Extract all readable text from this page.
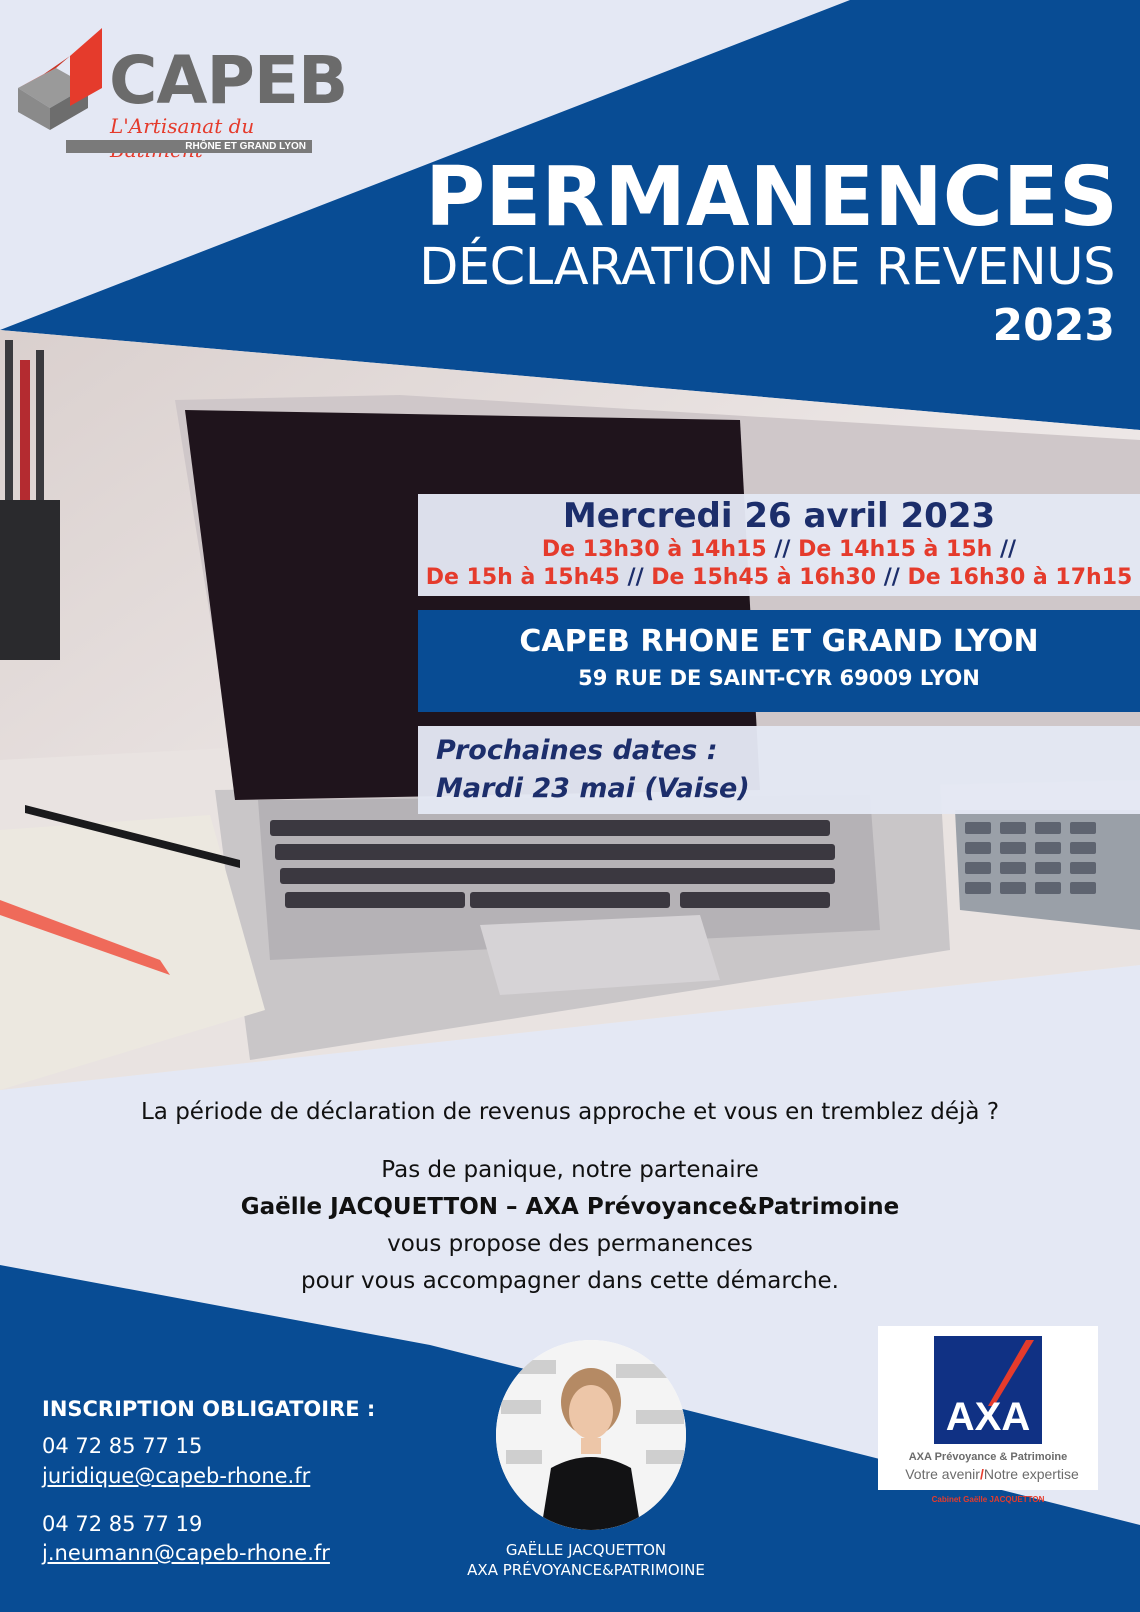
CAPEB
L'Artisanat du
RHÔNE ET GRAND LYON
PERMANENCES
DÉCLARATION DE REVENUS
2023
Mercredi 26 avril 2023
De 13h30 à 14h15 // De 14h15 à 15h //
De 15h à 15h45 // De 15h45 à 16h30 // De 16h30 à 17h15
CAPEB RHONE ET GRAND LYON
59 RUE DE SAINT-CYR 69009 LYON
Prochaines dates :
Mardi 23 mai (Vaise)
La période de déclaration de revenus approche et vous en tremblez déjà ?
Pas de panique, notre partenaire
Gaëlle JACQUETTON – AXA Prévoyance&Patrimoine
vous propose des permanences
pour vous accompagner dans cette démarche.
INSCRIPTION OBLIGATOIRE :
04 72 85 77 15
juridique@capeb-rhone.fr
04 72 85 77 19
j.neumann@capeb-rhone.fr	GAËLLE JACQUETTON
AXA PRÉVOYANCE&PATRIMOINE
AXA
AXA Prévoyance & Patrimoine
Votre avenir/Notre expertise
Cabinet Gaëlle JACQUETTON
